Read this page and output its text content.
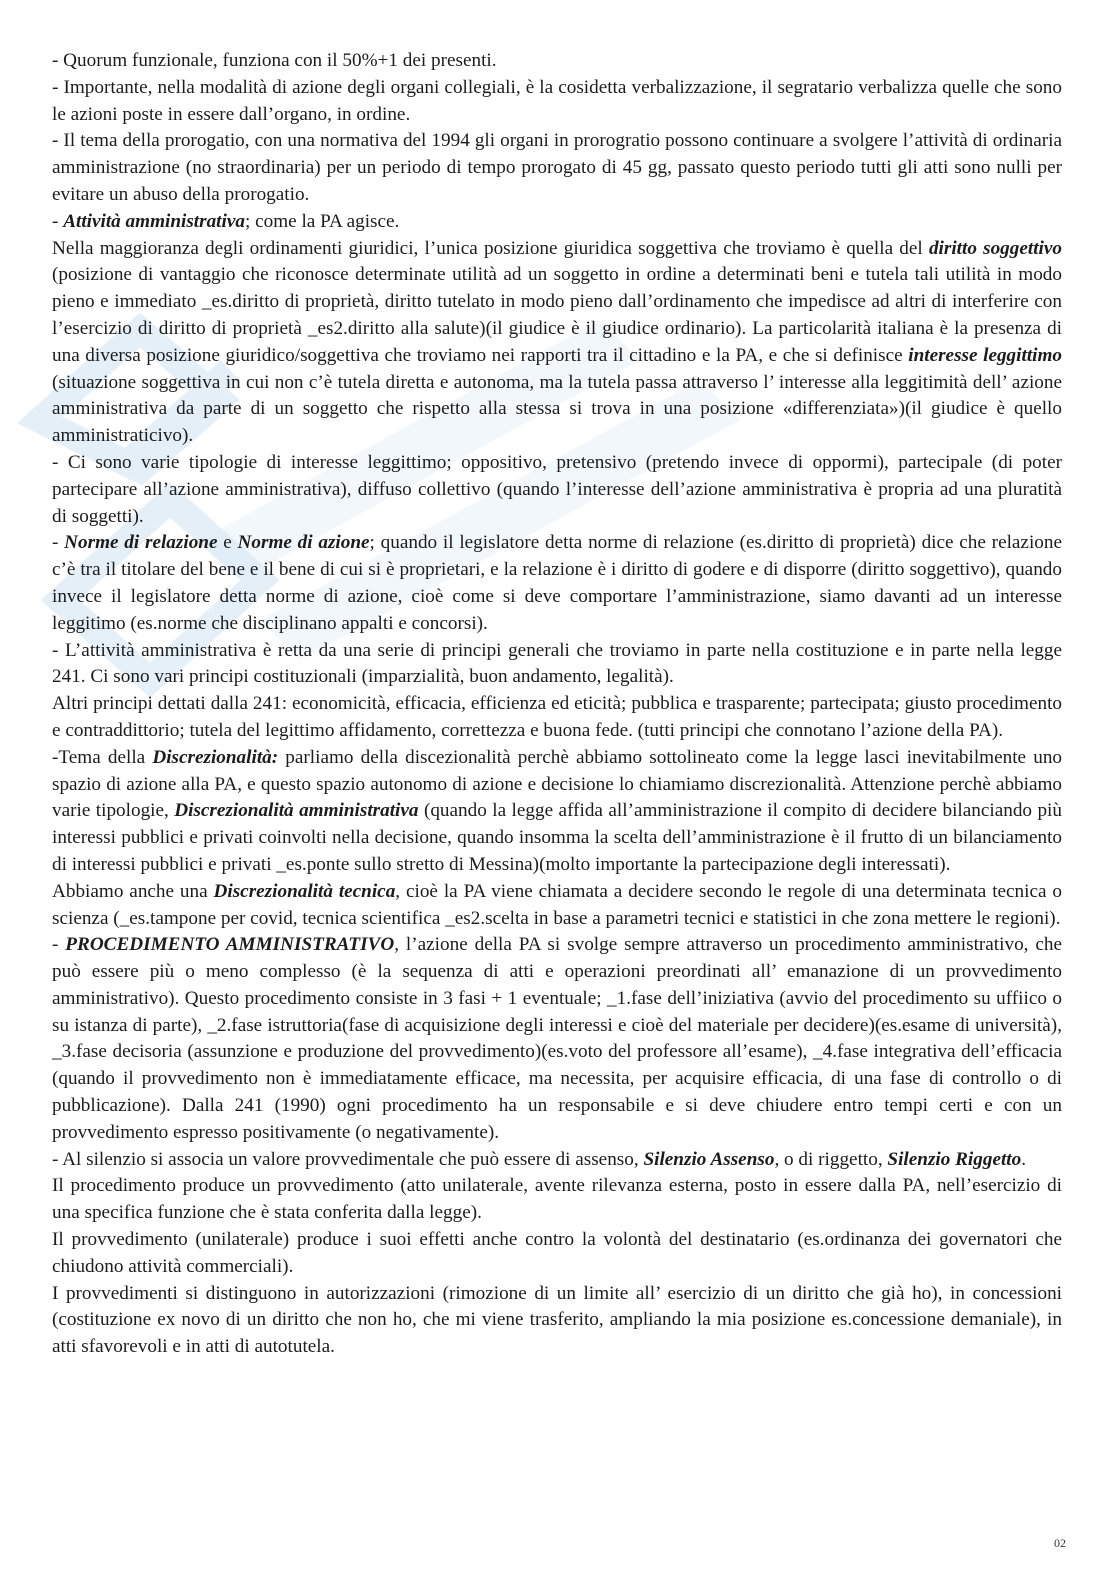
- Quorum funzionale, funziona con il 50%+1 dei presenti.

- Importante, nella modalità di azione degli organi collegiali, è la cosidetta verbalizzazione, il segratario verbalizza quelle che sono le azioni poste in essere dall’organo, in ordine.

- Il tema della prorogatio, con una normativa del 1994 gli organi in prorogratio possono continuare a svolgere l’attività di ordinaria amministrazione (no straordinaria) per un periodo di tempo prorogato di 45 gg, passato questo periodo tutti gli atti sono nulli per evitare un abuso della prorogatio.

- Attività amministrativa; come la PA agisce.

Nella maggioranza degli ordinamenti giuridici, l’unica posizione giuridica soggettiva che troviamo è quella del diritto soggettivo (posizione di vantaggio che riconosce determinate utilità ad un soggetto in ordine a determinati beni e tutela tali utilità in modo pieno e immediato _es.diritto di proprietà, diritto tutelato in modo pieno dall’ordinamento che impedisce ad altri di interferire con l’esercizio di diritto di proprietà _es2.diritto alla salute)(il giudice è il giudice ordinario). La particolarità italiana è la presenza di una diversa posizione giuridico/soggettiva che troviamo nei rapporti tra il cittadino e la PA, e che si definisce interesse leggittimo (situazione soggettiva in cui non c’è tutela diretta e autonoma, ma la tutela passa attraverso l’ interesse alla leggitimità dell’ azione amministrativa da parte di un soggetto che rispetto alla stessa si trova in una posizione «differenziata»)(il giudice è quello amministraticivo).

- Ci sono varie tipologie di interesse leggittimo; oppositivo, pretensivo (pretendo invece di oppormi), partecipale (di poter partecipare all’azione amministrativa), diffuso collettivo (quando l’interesse dell’azione amministrativa è propria ad una pluratità di soggetti).

- Norme di relazione e Norme di azione; quando il legislatore detta norme di relazione (es.diritto di proprietà) dice che relazione c’è tra il titolare del bene e il bene di cui si è proprietari, e la relazione è i diritto di godere e di disporre (diritto soggettivo), quando invece il legislatore detta norme di azione, cioè come si deve comportare l’amministrazione, siamo davanti ad un interesse leggitimo (es.norme che disciplinano appalti e concorsi).

- L’attività amministrativa è retta da una serie di principi generali che troviamo in parte nella costituzione e in parte nella legge 241. Ci sono vari principi costituzionali (imparzialità, buon andamento, legalità).

Altri principi dettati dalla 241: economicità, efficacia, efficienza ed eticità; pubblica e trasparente; partecipata; giusto procedimento e contraddittorio; tutela del legittimo affidamento, correttezza e buona fede. (tutti principi che connotano l’azione della PA).

-Tema della Discrezionalità: parliamo della discezionalità perchè abbiamo sottolineato come la legge lasci inevitabilmente uno spazio di azione alla PA, e questo spazio autonomo di azione e decisione lo chiamiamo discrezionalità. Attenzione perchè abbiamo varie tipologie, Discrezionalità amministrativa (quando la legge affida all’amministrazione il compito di decidere bilanciando più interessi pubblici e privati coinvolti nella decisione, quando insomma la scelta dell’amministrazione è il frutto di un bilanciamento di interessi pubblici e privati _es.ponte sullo stretto di Messina)(molto importante la partecipazione degli interessati).

Abbiamo anche una Discrezionalità tecnica, cioè la PA viene chiamata a decidere secondo le regole di una determinata tecnica o scienza (_es.tampone per covid, tecnica scientifica _es2.scelta in base a parametri tecnici e statistici in che zona mettere le regioni).

- PROCEDIMENTO AMMINISTRATIVO, l’azione della PA si svolge sempre attraverso un procedimento amministrativo, che può essere più o meno complesso (è la sequenza di atti e operazioni preordinati all’ emanazione di un provvedimento amministrativo). Questo procedimento consiste in 3 fasi + 1 eventuale; _1.fase dell’iniziativa (avvio del procedimento su uffiico o su istanza di parte), _2.fase istruttoria(fase di acquisizione degli interessi e cioè del materiale per decidere)(es.esame di università), _3.fase decisoria (assunzione e produzione del provvedimento)(es.voto del professore all’esame), _4.fase integrativa dell’efficacia (quando il provvedimento non è immediatamente efficace, ma necessita, per acquisire efficacia, di una fase di controllo o di pubblicazione). Dalla 241 (1990) ogni procedimento ha un responsabile e si deve chiudere entro tempi certi e con un provvedimento espresso positivamente (o negativamente).

- Al silenzio si associa un valore provvedimentale che può essere di assenso, Silenzio Assenso, o di riggetto, Silenzio Riggetto.

Il procedimento produce un provvedimento (atto unilaterale, avente rilevanza esterna, posto in essere dalla PA, nell’esercizio di una specifica funzione che è stata conferita dalla legge).

Il provvedimento (unilaterale) produce i suoi effetti anche contro la volontà del destinatario (es.ordinanza dei governatori che chiudono attività commerciali).

I provvedimenti si distinguono in autorizzazioni (rimozione di un limite all’ esercizio di un diritto che già ho), in concessioni (costituzione ex novo di un diritto che non ho, che mi viene trasferito, ampliando la mia posizione es.concessione demaniale), in atti sfavorevoli e in atti di autotutela.

02
